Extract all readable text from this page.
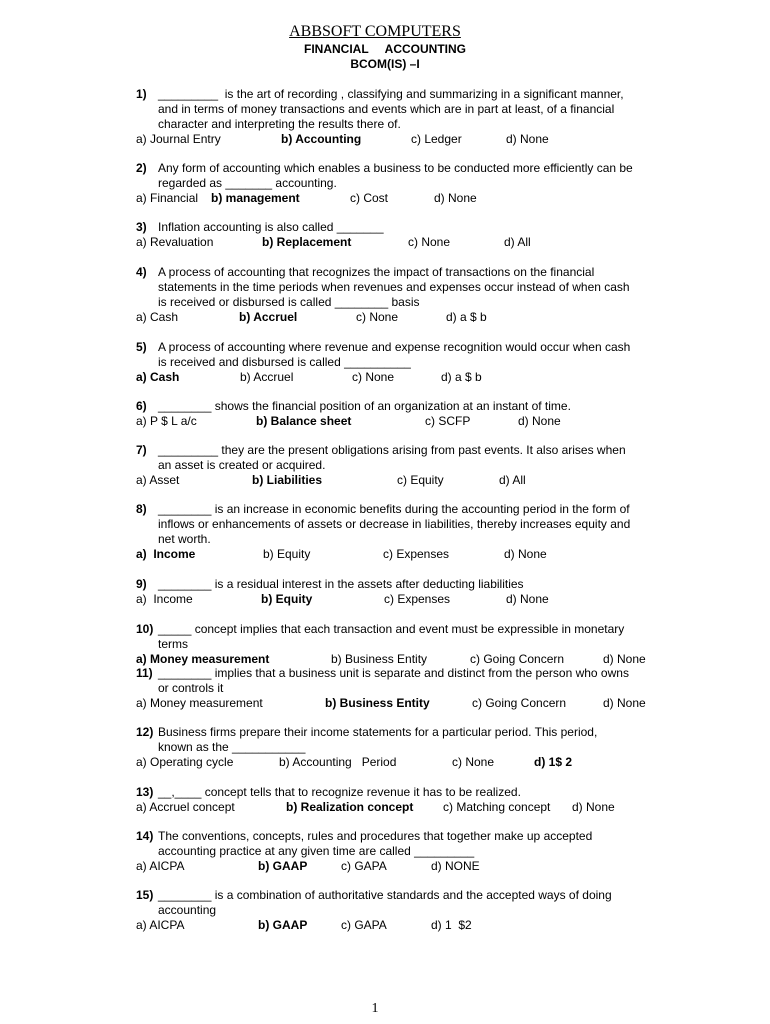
ABBSOFT COMPUTERS
FINANCIAL     ACCOUNTING
BCOM(IS) –I
1) _________  is the art of recording , classifying and summarizing in a significant manner,
and in terms of money transactions and events which are in part at least, of a financial
character and interpreting the results there of.
a) Journal Entry	b) Accounting	c) Ledger	d) None
2) Any form of accounting which enables a business to be conducted more efficiently can be
regarded as _______ accounting.
a) Financial b) management	c) Cost	d) None
3) Inflation accounting is also called _______
a) Revaluation	b) Replacement	c) None	d) All
4) A process of accounting that recognizes the impact of transactions on the financial
statements in the time periods when revenues and expenses occur instead of when cash
is received or disbursed is called ________ basis
a) Cash	b) Accruel	c) None	d) a $ b
5) A process of accounting where revenue and expense recognition would occur when cash
is received and disbursed is called __________
a) Cash	b) Accruel	c) None	d) a $ b
6) ________ shows the financial position of an organization at an instant of time.
a) P $ L a/c	b) Balance sheet	c) SCFP	d) None
7) _________ they are the present obligations arising from past events. It also arises when
an asset is created or acquired.
a) Asset	b) Liabilities	c) Equity	d) All
8) ________ is an increase in economic benefits during the accounting period in the form of
inflows or enhancements of assets or decrease in liabilities, thereby increases equity and
net worth.
a)  Income	b) Equity	c) Expenses	d) None
9) ________ is a residual interest in the assets after deducting liabilities
a)  Income	b) Equity	c) Expenses	d) None
10) _____ concept implies that each transaction and event must be expressible in monetary
terms
a) Money measurement	b) Business Entity	c) Going Concern	d) None
11) ________ implies that a business unit is separate and distinct from the person who owns
or controls it
a) Money measurement	b) Business Entity	c) Going Concern	d) None
12) Business firms prepare their income statements for a particular period. This period,
known as the ___________
a) Operating cycle	b) Accounting   Period	c) None	d) 1$ 2
13) __,____ concept tells that to recognize revenue it has to be realized.
a) Accruel concept	b) Realization concept c) Matching concept d) None
14) The conventions, concepts, rules and procedures that together make up accepted
accounting practice at any given time are called _________
a) AICPA	b) GAAP	c) GAPA	d) NONE
15) ________ is a combination of authoritative standards and the accepted ways of doing
accounting
a) AICPA	b) GAAP	c) GAPA	d) 1  $2
1
